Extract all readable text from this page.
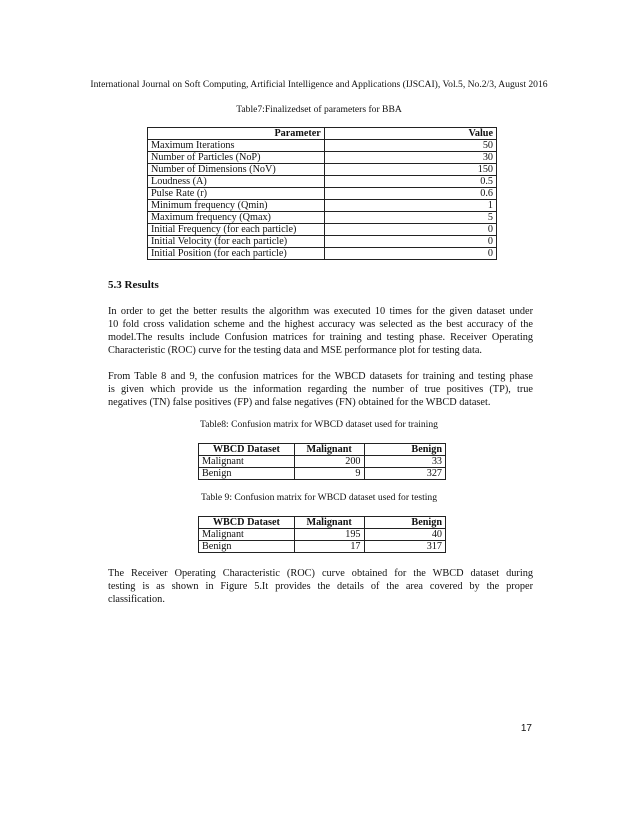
International Journal on Soft Computing, Artificial Intelligence and Applications (IJSCAI), Vol.5, No.2/3, August 2016
Table7:Finalizedset of parameters for BBA
Parameter	Value
Maximum Iterations	50
Number of Particles (NoP)	30
Number of Dimensions (NoV)	150
Loudness (A)	0.5
Pulse Rate (r)	0.6
Minimum frequency (Qmin)	1
Maximum frequency (Qmax)	5
Initial Frequency (for each particle)	0
Initial Velocity (for each particle)	0
Initial Position (for each particle)	0
5.3 Results
In order to get the better results the algorithm was executed 10 times for the given dataset under
10 fold cross validation scheme and the highest accuracy was selected as the best accuracy of the
model.The results include Confusion matrices for training and testing phase. Receiver Operating
Characteristic (ROC) curve for the testing data and MSE performance plot for testing data.
From Table 8 and 9, the confusion matrices for the WBCD datasets for training and testing phase
is given which provide us the information regarding the number of true positives (TP), true
negatives (TN) false positives (FP) and false negatives (FN) obtained for the WBCD dataset.
Table8: Confusion matrix for WBCD dataset used for training
WBCD Dataset	Malignant	Benign
Malignant	200	33
Benign	9	327
Table 9: Confusion matrix for WBCD dataset used for testing
WBCD Dataset	Malignant	Benign
Malignant	195	40
Benign	17	317
The Receiver Operating Characteristic (ROC) curve obtained for the WBCD dataset during
testing is as shown in Figure 5.It provides the details of the area covered by the proper
classification.
17
